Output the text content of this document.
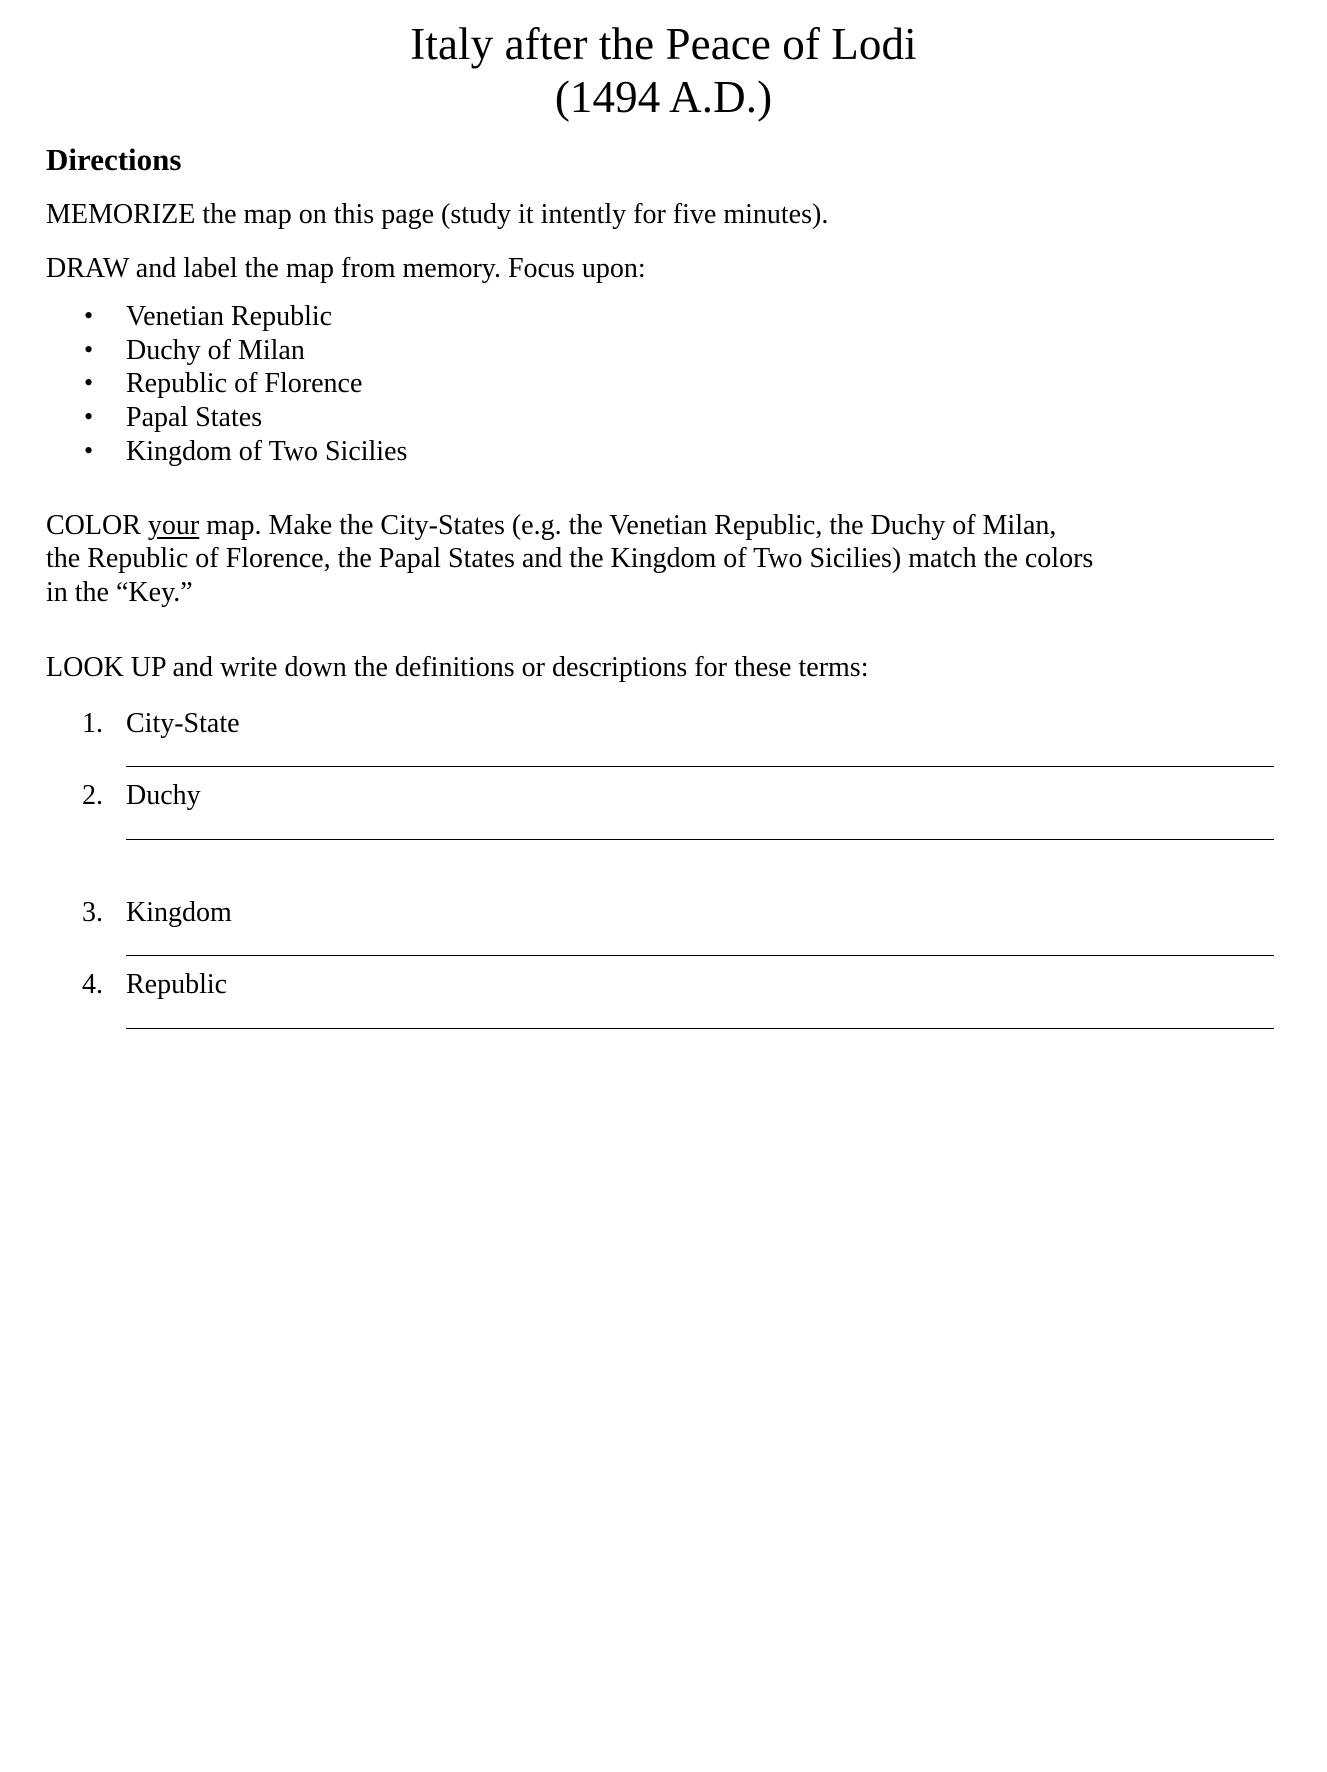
Italy after the Peace of Lodi
(1494 A.D.)
Directions
MEMORIZE the map on this page (study it intently for five minutes).
DRAW and label the map from memory. Focus upon:
• Venetian Republic
• Duchy of Milan
• Republic of Florence
• Papal States
• Kingdom of Two Sicilies
COLOR your map. Make the City-States (e.g. the Venetian Republic, the Duchy of Milan,
the Republic of Florence, the Papal States and the Kingdom of Two Sicilies) match the colors
in the “Key.”
LOOK UP and write down the definitions or descriptions for these terms:
1. City-State
2. Duchy
3. Kingdom
4. Republic
